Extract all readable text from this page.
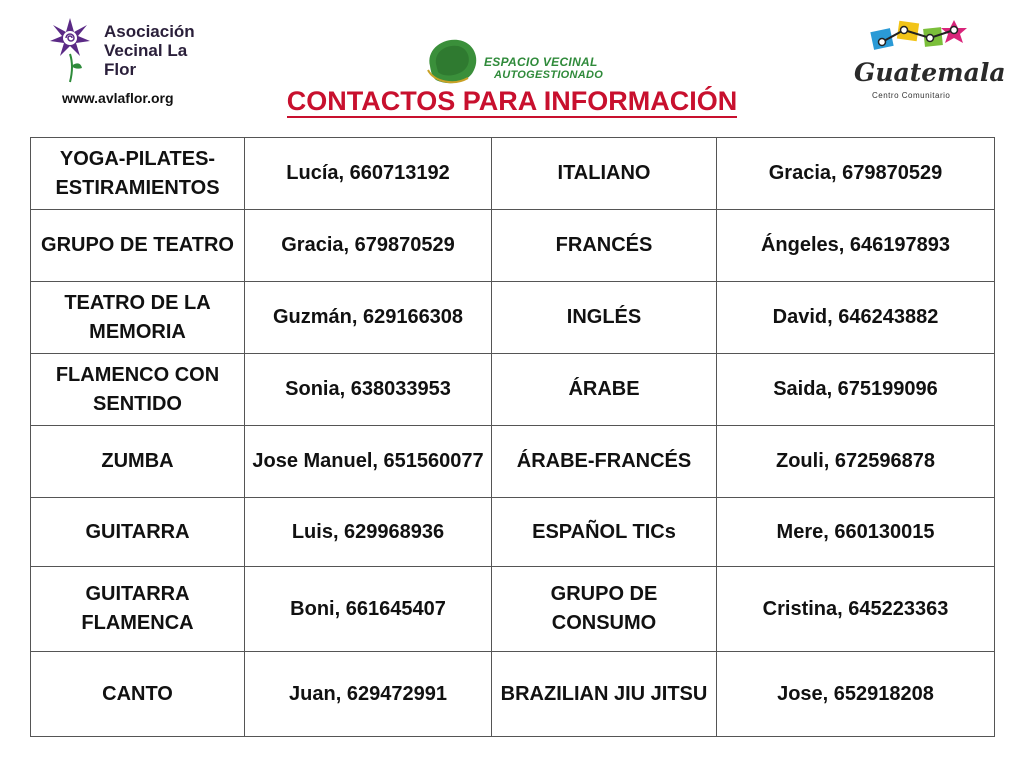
Asociación Vecinal La Flor
www.avlaflor.org
ESPACIO VECINAL
AUTOGESTIONADO	Guatemala
Centro Comunitario
CONTACTOS PARA INFORMACIÓN
YOGA-PILATES-ESTIRAMIENTOS	Lucía, 660713192	ITALIANO	Gracia, 679870529
GRUPO DE TEATRO	Gracia, 679870529	FRANCÉS	Ángeles, 646197893
TEATRO DE LA MEMORIA	Guzmán, 629166308	INGLÉS	David, 646243882
FLAMENCO CON SENTIDO	Sonia, 638033953	ÁRABE	Saida, 675199096
ZUMBA	Jose Manuel, 651560077	ÁRABE-FRANCÉS	Zouli, 672596878
GUITARRA	Luis, 629968936	ESPAÑOL TICs	Mere, 660130015
GUITARRA FLAMENCA	Boni, 661645407	GRUPO DE CONSUMO	Cristina, 645223363
CANTO	Juan, 629472991	BRAZILIAN JIU JITSU	Jose, 652918208
